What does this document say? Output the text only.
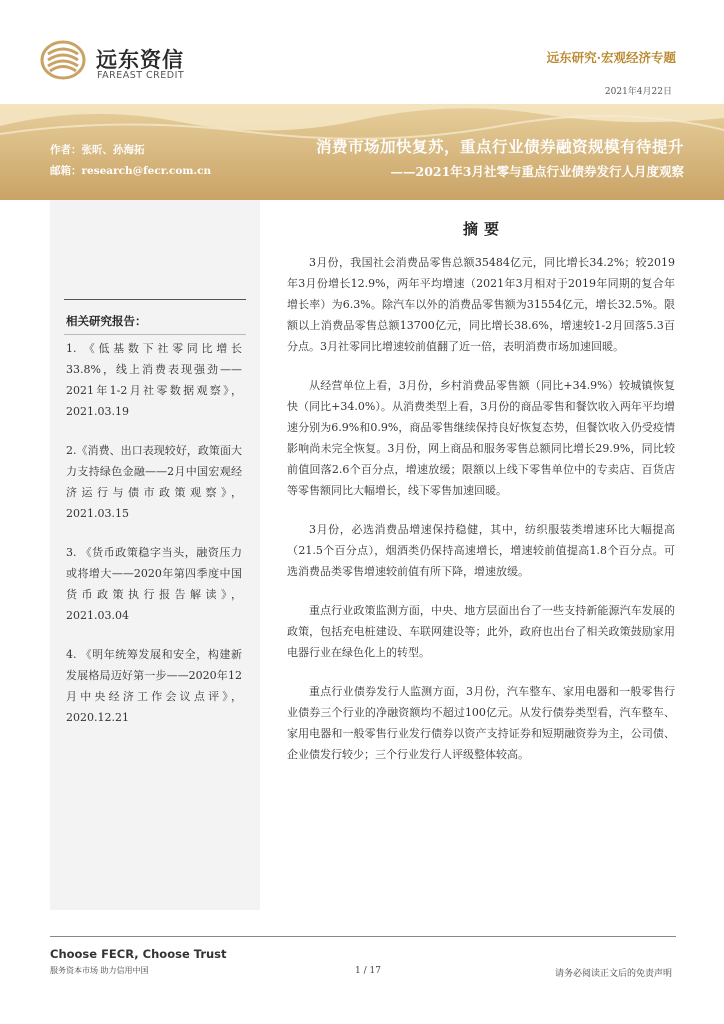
远东资信
FAREAST CREDIT
远东研究·宏观经济专题
2021年4月22日
作者：张昕、孙海拓
邮箱：research@fecr.com.cn
消费市场加快复苏，重点行业债券融资规模有待提升
——2021年3月社零与重点行业债券发行人月度观察
相关研究报告：
1. 《低基数下社零同比增长33.8%，线上消费表现强劲——2021年1-2月社零数据观察》，2021.03.19
2.《消费、出口表现较好，政策面大力支持绿色金融——2月中国宏观经济运行与债市政策观察》，2021.03.15
3. 《货币政策稳字当头，融资压力或将增大——2020年第四季度中国货币政策执行报告解读》，2021.03.04
4. 《明年统筹发展和安全，构建新发展格局迈好第一步——2020年12月中央经济工作会议点评》，2020.12.21
摘要

3月份，我国社会消费品零售总额35484亿元，同比增长34.2%；较2019年3月份增长12.9%，两年平均增速（2021年3月相对于2019年同期的复合年增长率）为6.3%。除汽车以外的消费品零售额为31554亿元，增长32.5%。限额以上消费品零售总额13700亿元，同比增长38.6%，增速较1-2月回落5.3百分点。3月社零同比增速较前值翻了近一倍，表明消费市场加速回暖。

从经营单位上看，3月份，乡村消费品零售额（同比+34.9%）较城镇恢复快（同比+34.0%）。从消费类型上看，3月份的商品零售和餐饮收入两年平均增速分别为6.9%和0.9%，商品零售继续保持良好恢复态势，但餐饮收入仍受疫情影响尚未完全恢复。3月份，网上商品和服务零售总额同比增长29.9%，同比较前值回落2.6个百分点，增速放缓；限额以上线下零售单位中的专卖店、百货店等零售额同比大幅增长，线下零售加速回暖。

3月份，必选消费品增速保持稳健，其中，纺织服装类增速环比大幅提高（21.5个百分点），烟酒类仍保持高速增长，增速较前值提高1.8个百分点。可选消费品类零售增速较前值有所下降，增速放缓。

重点行业政策监测方面，中央、地方层面出台了一些支持新能源汽车发展的政策，包括充电桩建设、车联网建设等；此外，政府也出台了相关政策鼓励家用电器行业在绿色化上的转型。

重点行业债券发行人监测方面，3月份，汽车整车、家用电器和一般零售行业债券三个行业的净融资额均不超过100亿元。从发行债券类型看，汽车整车、家用电器和一般零售行业发行债券以资产支持证券和短期融资券为主，公司债、企业债发行较少；三个行业发行人评级整体较高。

Choose FECR, Choose Trust
服务资本市场 助力信用中国	1 / 17	请务必阅读正文后的免责声明
